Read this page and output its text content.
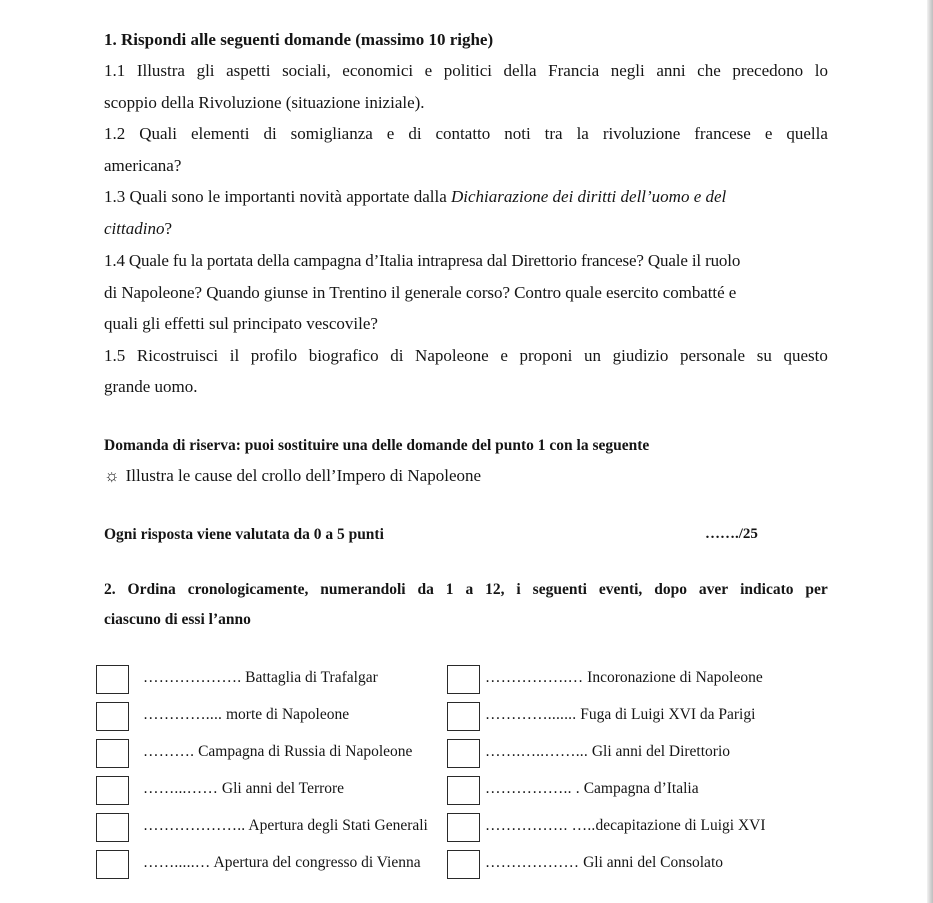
1. Rispondi alle seguenti domande (massimo 10 righe)
1.1 Illustra gli aspetti sociali, economici e politici della Francia negli anni che precedono lo
scoppio della Rivoluzione (situazione iniziale).
1.2 Quali elementi di somiglianza e di contatto noti tra la rivoluzione francese e quella
americana?
1.3 Quali sono le importanti novità apportate dalla
Dichiarazione dei diritti dell’uomo e del
cittadino?
1.4 Quale fu la portata della campagna d’Italia intrapresa dal Direttorio francese? Quale il ruolo
di Napoleone? Quando giunse in Trentino il generale corso? Contro quale esercito combatté e
quali gli effetti sul principato vescovile?
1.5 Ricostruisci il profilo biografico di Napoleone e proponi un giudizio personale su questo
grande uomo.
Domanda di riserva: puoi sostituire una delle domande del punto 1 con la seguente
☼ Illustra le cause del crollo dell’Impero di Napoleone
Ogni risposta viene valutata da 0 a 5 punti	……./25
2. Ordina cronologicamente, numerandoli da 1 a 12, i seguenti eventi, dopo aver indicato per
ciascuno di essi l’anno
………………. Battaglia di Trafalgar
………….... morte di Napoleone
………. Campagna di Russia di Napoleone
……...…… Gli anni del Terrore
……………….. Apertura degli Stati Generali
…….....… Apertura del congresso di Vienna
…………….… Incoronazione di Napoleone
…………....... Fuga di Luigi XVI da Parigi
…….…..……... Gli anni del Direttorio
…………….. . Campagna d’Italia
……………. …..decapitazione di Luigi XVI
……………… Gli anni del Consolato
